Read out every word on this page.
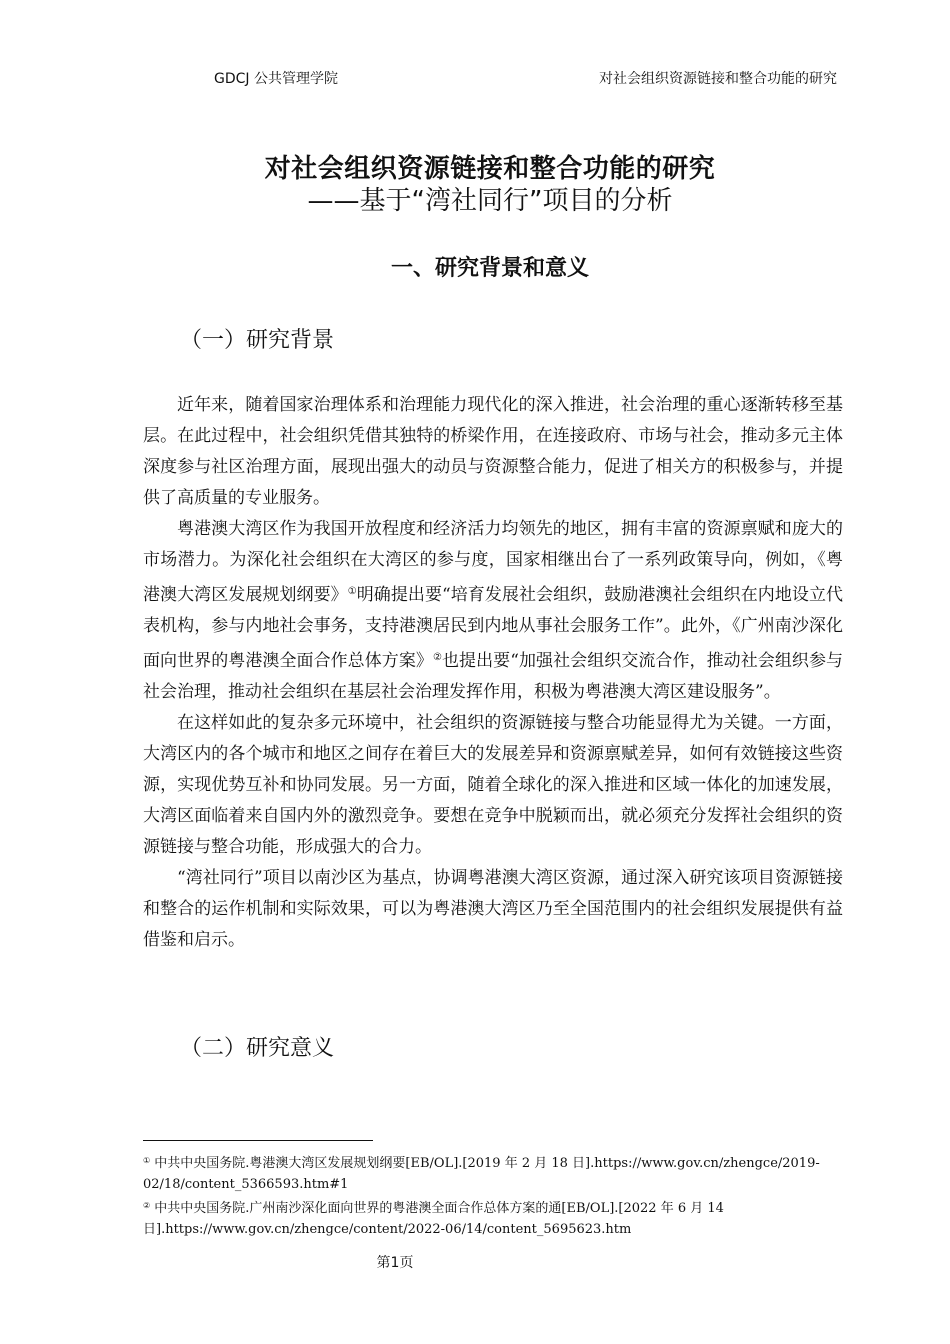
GDCJ 公共管理学院	对社会组织资源链接和整合功能的研究
对社会组织资源链接和整合功能的研究
——基于“湾社同行”项目的分析
一、研究背景和意义
（一）研究背景

近年来，随着国家治理体系和治理能力现代化的深入推进，社会治理的重心逐渐转移至基层。在此过程中，社会组织凭借其独特的桥梁作用，在连接政府、市场与社会，推动多元主体深度参与社区治理方面，展现出强大的动员与资源整合能力，促进了相关方的积极参与，并提供了高质量的专业服务。

粤港澳大湾区作为我国开放程度和经济活力均领先的地区，拥有丰富的资源禀赋和庞大的市场潜力。为深化社会组织在大湾区的参与度，国家相继出台了一系列政策导向，例如，《粤港澳大湾区发展规划纲要》①明确提出要“培育发展社会组织，鼓励港澳社会组织在内地设立代表机构，参与内地社会事务，支持港澳居民到内地从事社会服务工作”。此外，《广州南沙深化面向世界的粤港澳全面合作总体方案》②也提出要“加强社会组织交流合作，推动社会组织参与社会治理，推动社会组织在基层社会治理发挥作用，积极为粤港澳大湾区建设服务”。

在这样如此的复杂多元环境中，社会组织的资源链接与整合功能显得尤为关键。一方面，大湾区内的各个城市和地区之间存在着巨大的发展差异和资源禀赋差异，如何有效链接这些资源，实现优势互补和协同发展。另一方面，随着全球化的深入推进和区域一体化的加速发展，大湾区面临着来自国内外的激烈竞争。要想在竞争中脱颖而出，就必须充分发挥社会组织的资源链接与整合功能，形成强大的合力。

“湾社同行”项目以南沙区为基点，协调粤港澳大湾区资源，通过深入研究该项目资源链接和整合的运作机制和实际效果，可以为粤港澳大湾区乃至全国范围内的社会组织发展提供有益借鉴和启示。

（二）研究意义
① 中共中央国务院.粤港澳大湾区发展规划纲要[EB/OL].[2019 年 2 月 18 日].https://www.gov.cn/zhengce/2019-02/18/content_5366593.htm#1
② 中共中央国务院.广州南沙深化面向世界的粤港澳全面合作总体方案的通[EB/OL].[2022 年 6 月 14 日].https://www.gov.cn/zhengce/content/2022-06/14/content_5695623.htm
第1页
